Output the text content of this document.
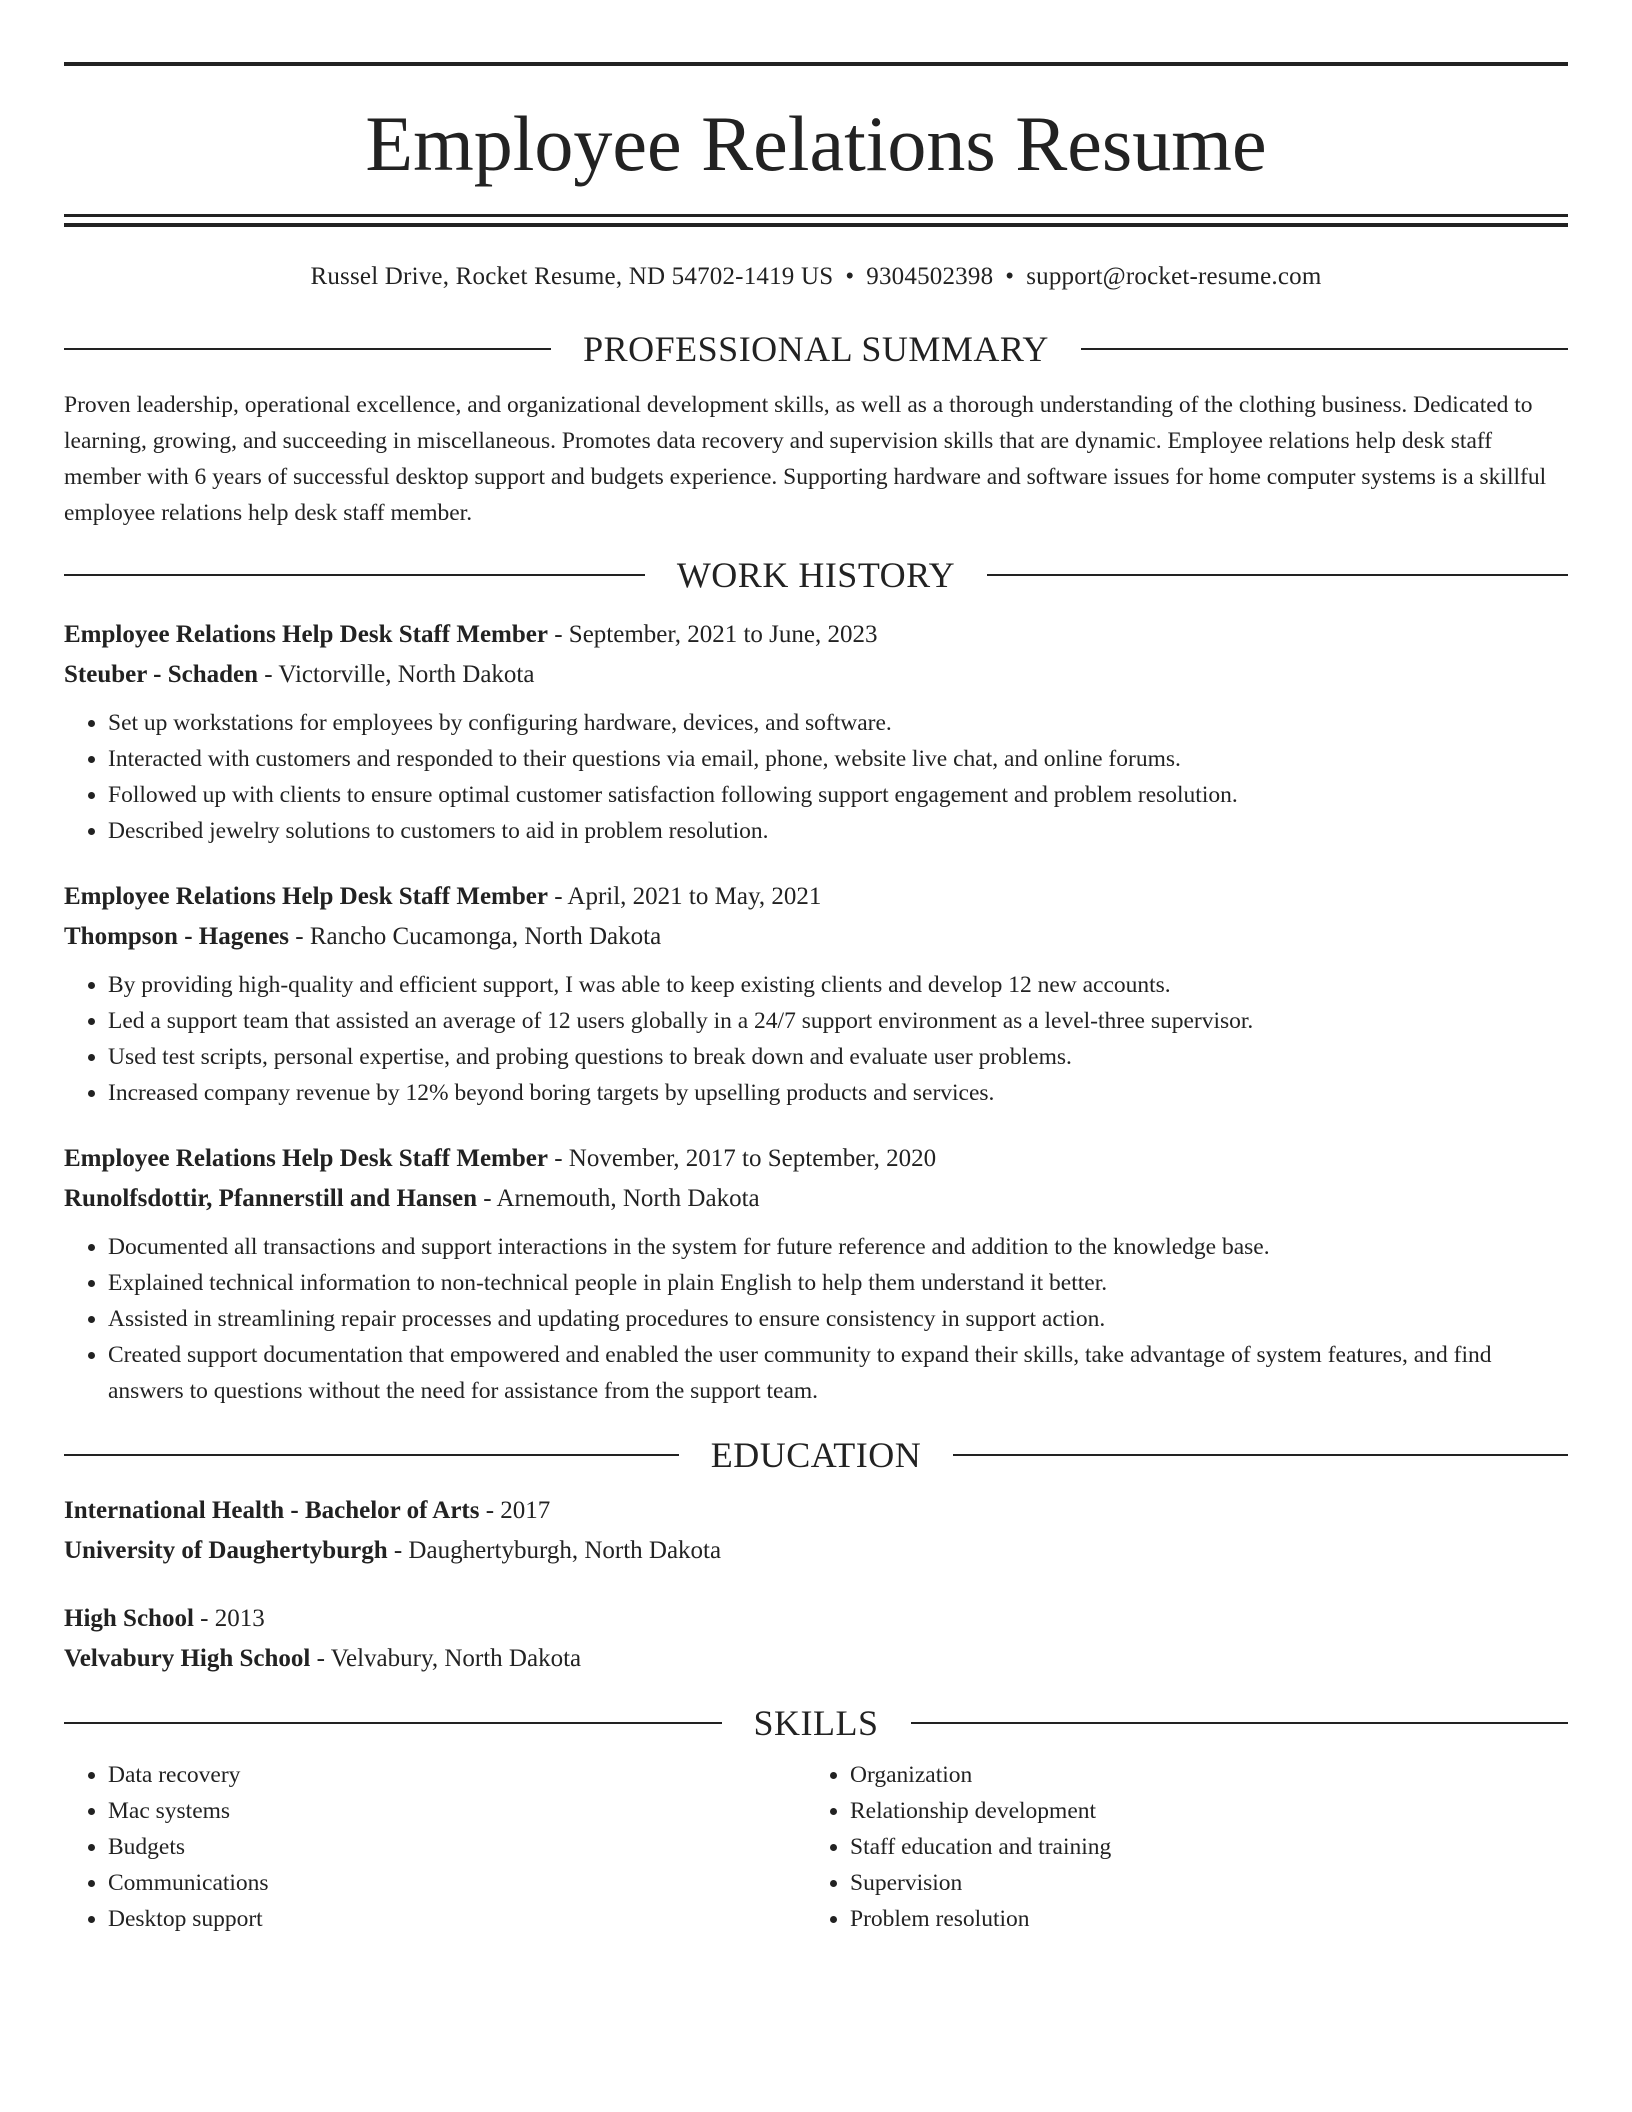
Employee Relations Resume
Russel Drive, Rocket Resume, ND 54702-1419 US • 9304502398 • support@rocket-resume.com
PROFESSIONAL SUMMARY

Proven leadership, operational excellence, and organizational development skills, as well as a thorough understanding of the clothing business. Dedicated to learning, growing, and succeeding in miscellaneous. Promotes data recovery and supervision skills that are dynamic. Employee relations help desk staff member with 6 years of successful desktop support and budgets experience. Supporting hardware and software issues for home computer systems is a skillful employee relations help desk staff member.

WORK HISTORY
Employee Relations Help Desk Staff Member - September, 2021 to June, 2023
Steuber - Schaden - Victorville, North Dakota
• Set up workstations for employees by configuring hardware, devices, and software.
• Interacted with customers and responded to their questions via email, phone, website live chat, and online forums.
• Followed up with clients to ensure optimal customer satisfaction following support engagement and problem resolution.
• Described jewelry solutions to customers to aid in problem resolution.
Employee Relations Help Desk Staff Member - April, 2021 to May, 2021
Thompson - Hagenes - Rancho Cucamonga, North Dakota
• By providing high-quality and efficient support, I was able to keep existing clients and develop 12 new accounts.
• Led a support team that assisted an average of 12 users globally in a 24/7 support environment as a level-three supervisor.
• Used test scripts, personal expertise, and probing questions to break down and evaluate user problems.
• Increased company revenue by 12% beyond boring targets by upselling products and services.
Employee Relations Help Desk Staff Member - November, 2017 to September, 2020
Runolfsdottir, Pfannerstill and Hansen - Arnemouth, North Dakota
• Documented all transactions and support interactions in the system for future reference and addition to the knowledge base.
• Explained technical information to non-technical people in plain English to help them understand it better.
• Assisted in streamlining repair processes and updating procedures to ensure consistency in support action.
• Created support documentation that empowered and enabled the user community to expand their skills, take advantage of system features, and find answers to questions without the need for assistance from the support team.
EDUCATION
International Health - Bachelor of Arts - 2017
University of Daughertyburgh - Daughertyburgh, North Dakota
High School - 2013
Velvabury High School - Velvabury, North Dakota
SKILLS
• Data recovery
• Mac systems
• Budgets
• Communications
• Desktop support
• Organization
• Relationship development
• Staff education and training
• Supervision
• Problem resolution
